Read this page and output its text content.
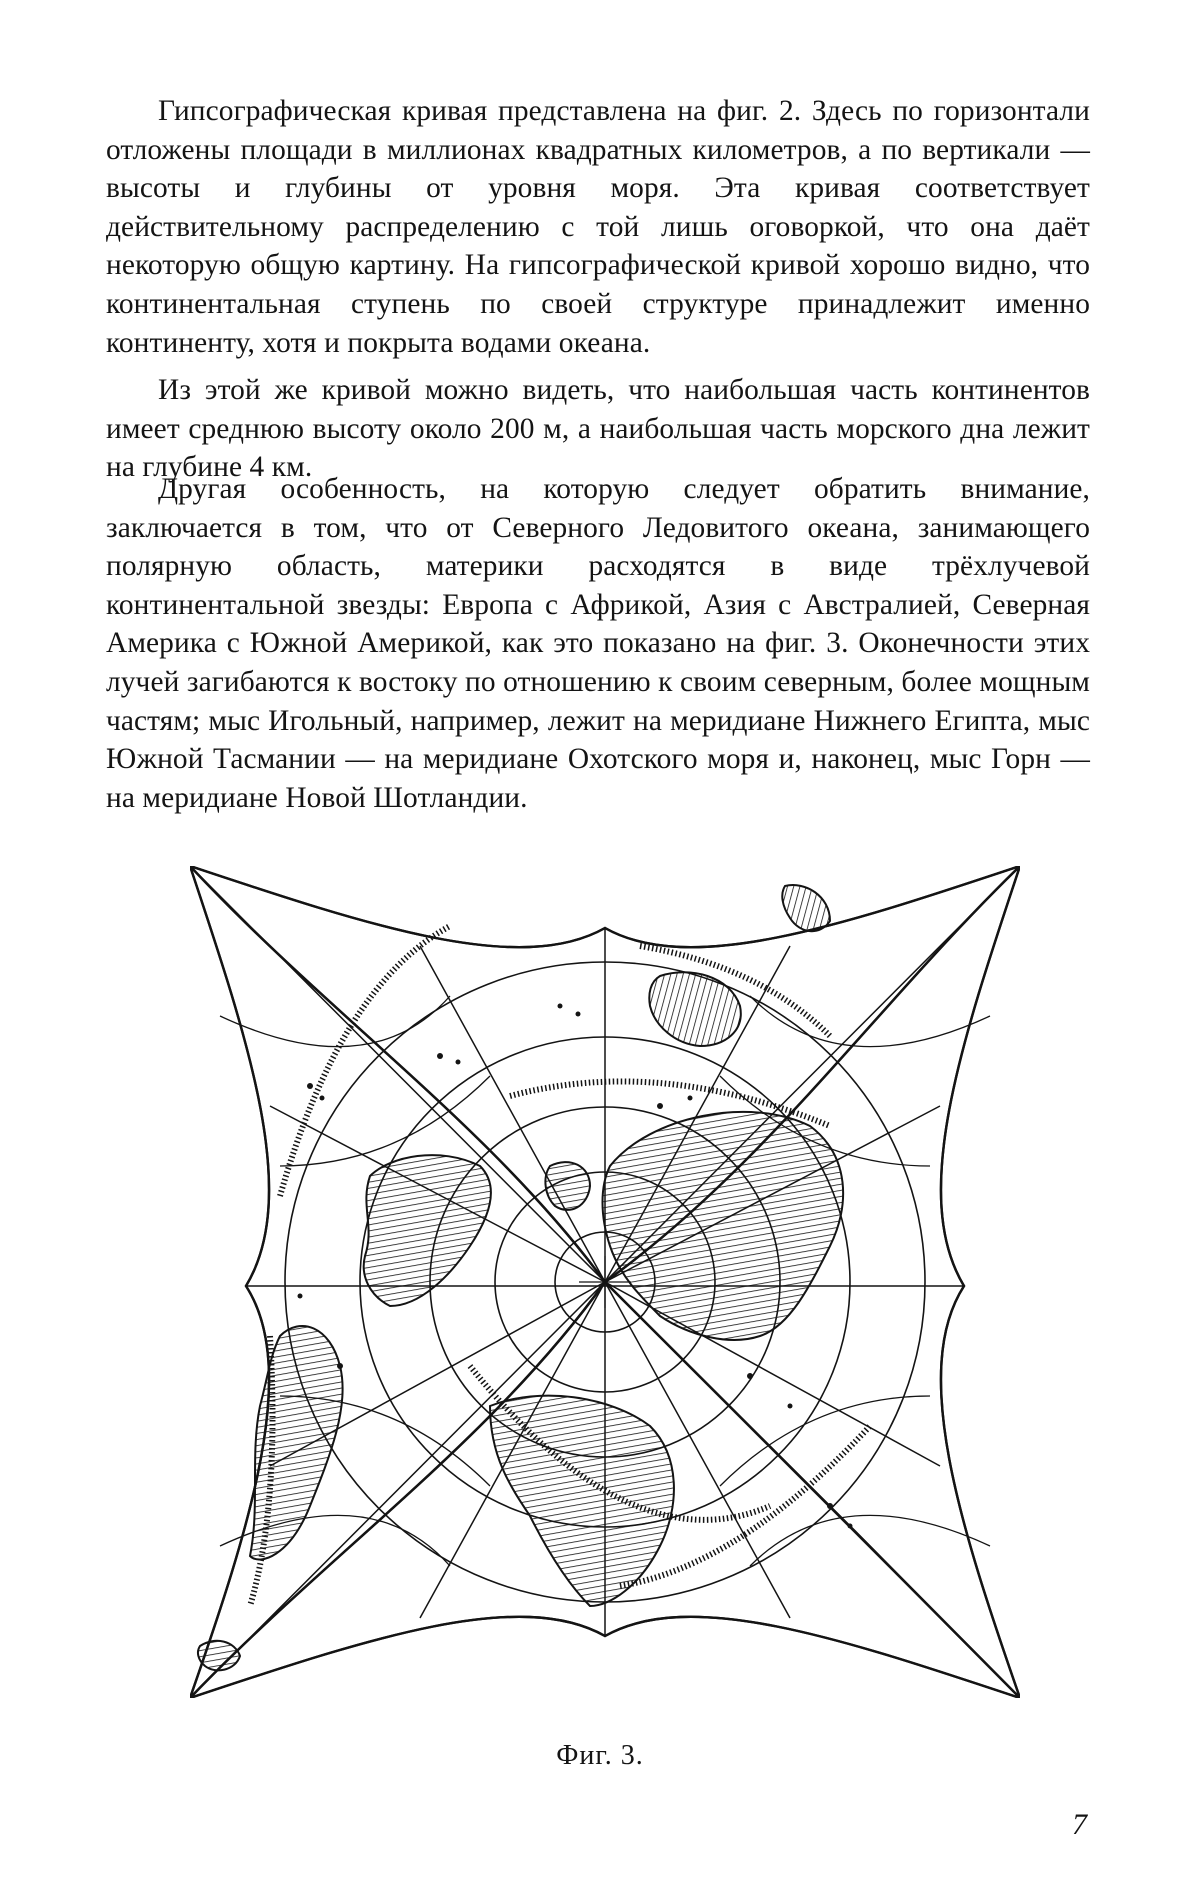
Гипсографическая кривая представлена на фиг. 2. Здесь по горизонтали отложены площади в миллионах квадратных километров, а по вертикали — высоты и глубины от уровня моря. Эта кривая соответствует действительному распределению с той лишь оговоркой, что она даёт некоторую общую картину. На гипсографической кривой хорошо видно, что континентальная ступень по своей структуре принадлежит именно континенту, хотя и покрыта водами океана.

Из этой же кривой можно видеть, что наибольшая часть континентов имеет среднюю высоту около 200 м, а наибольшая часть морского дна лежит на глубине 4 км.

Другая особенность, на которую следует обратить внимание, заключается в том, что от Северного Ледовитого океана, занимающего полярную область, материки расходятся в виде трёхлучевой континентальной звезды: Европа с Африкой, Азия с Австралией, Северная Америка с Южной Америкой, как это показано на фиг. 3. Оконечности этих лучей загибаются к востоку по отношению к своим северным, более мощным частям; мыс Игольный, например, лежит на меридиане Нижнего Египта, мыс Южной Тасмании — на меридиане Охотского моря и, наконец, мыс Горн — на меридиане Новой Шотландии.

Фиг. 3.
7
